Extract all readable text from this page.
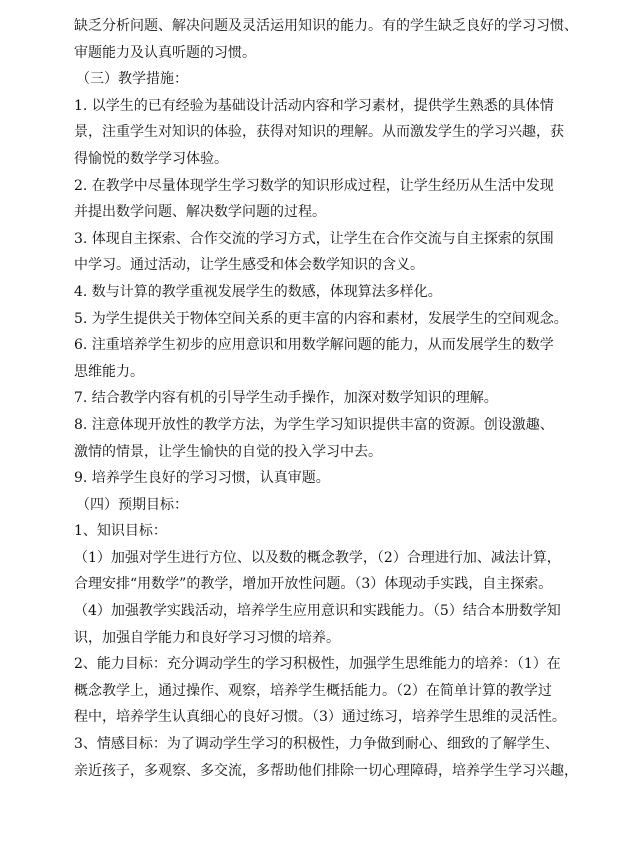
缺乏分析问题、解决问题及灵活运用知识的能力。有的学生缺乏良好的学习习惯、
审题能力及认真听题的习惯。
（三）教学措施：
1. 以学生的已有经验为基础设计活动内容和学习素材，提供学生熟悉的具体情
景，注重学生对知识的体验，获得对知识的理解。从而激发学生的学习兴趣，获
得愉悦的数学学习体验。
2. 在教学中尽量体现学生学习数学的知识形成过程，让学生经历从生活中发现
并提出数学问题、解决数学问题的过程。
3. 体现自主探索、合作交流的学习方式，让学生在合作交流与自主探索的氛围
中学习。通过活动，让学生感受和体会数学知识的含义。
4. 数与计算的教学重视发展学生的数感，体现算法多样化。
5. 为学生提供关于物体空间关系的更丰富的内容和素材，发展学生的空间观念。
6. 注重培养学生初步的应用意识和用数学解问题的能力，从而发展学生的数学
思维能力。
7. 结合教学内容有机的引导学生动手操作，加深对数学知识的理解。
8. 注意体现开放性的教学方法，为学生学习知识提供丰富的资源。创设激趣、
激情的情景，让学生愉快的自觉的投入学习中去。
9. 培养学生良好的学习习惯，认真审题。
（四）预期目标：
1、知识目标：
（1）加强对学生进行方位、以及数的概念教学，（2）合理进行加、减法计算，
合理安排“用数学”的教学，增加开放性问题。（3）体现动手实践，自主探索。
（4）加强教学实践活动，培养学生应用意识和实践能力。（5）结合本册数学知
识，加强自学能力和良好学习习惯的培养。
2、能力目标：充分调动学生的学习积极性，加强学生思维能力的培养：（1）在
概念教学上，通过操作、观察，培养学生概括能力。（2）在简单计算的教学过
程中，培养学生认真细心的良好习惯。（3）通过练习，培养学生思维的灵活性。
3、情感目标：为了调动学生学习的积极性，力争做到耐心、细致的了解学生、
亲近孩子，多观察、多交流，多帮助他们排除一切心理障碍，培养学生学习兴趣，
